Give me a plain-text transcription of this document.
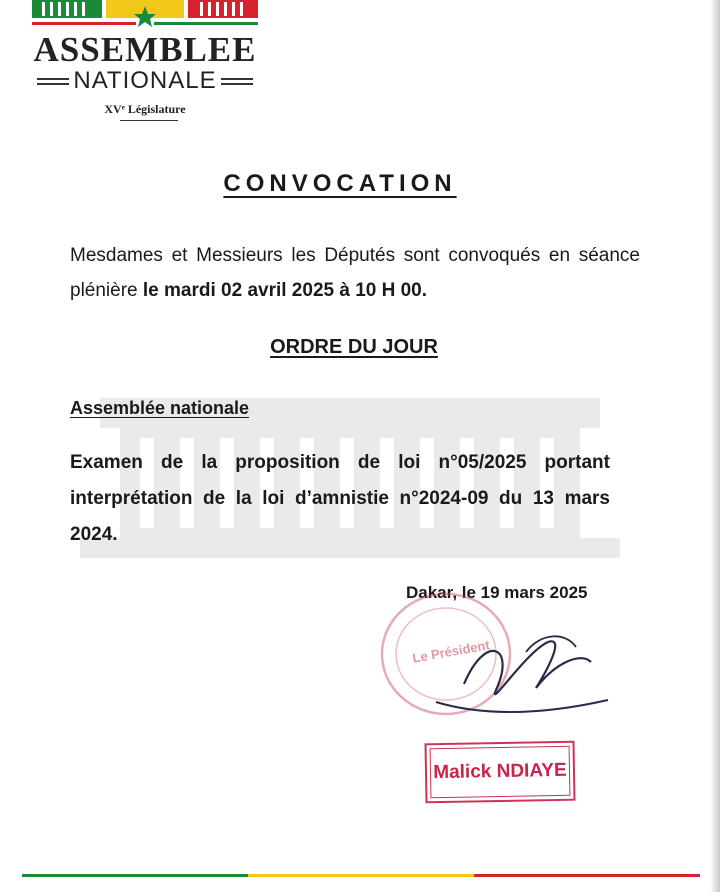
ASSEMBLEE
NATIONALE
XVᵉ Législature
CONVOCATION
Mesdames et Messieurs les Députés sont convoqués en séance plénière le mardi 02 avril 2025 à 10 H 00.
ORDRE DU JOUR
Assemblée nationale
Examen de la proposition de loi n°05/2025 portant interprétation de la loi d’amnistie n°2024-09 du 13 mars 2024.
Dakar, le 19 mars 2025
Le Président
Malick NDIAYE
